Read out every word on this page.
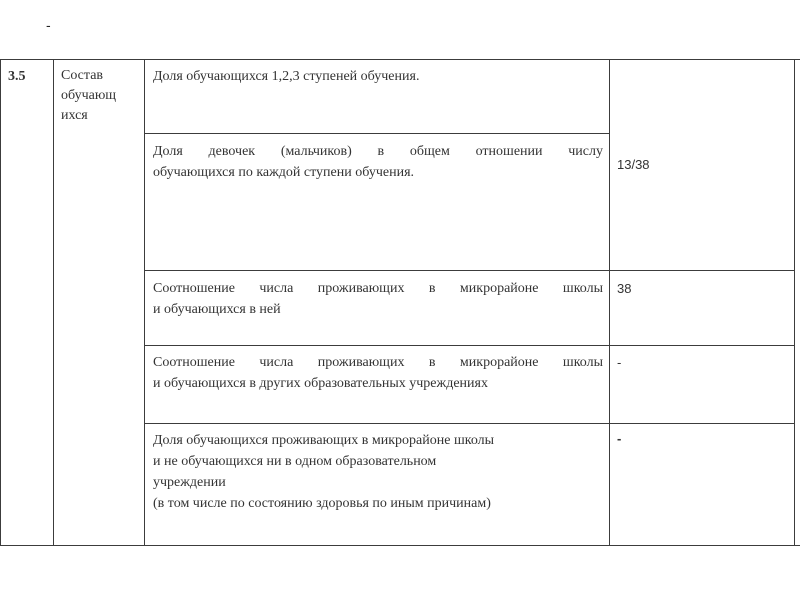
-
3.5	Состав обучающ ихся
Доля обучающихся 1,2,3 ступеней обучения.
Доля девочек (мальчиков) в общем отношении числу
обучающихся по каждой ступени обучения.
13/38
Соотношение числа проживающих в микрорайоне школы
и обучающихся в ней
38
Соотношение числа проживающих в микрорайоне школы
и обучающихся в других образовательных учреждениях
-
Доля обучающихся проживающих в микрорайоне школы
и не обучающихся ни в одном образовательном
учреждении
(в том числе по состоянию здоровья по иным причинам)
-
